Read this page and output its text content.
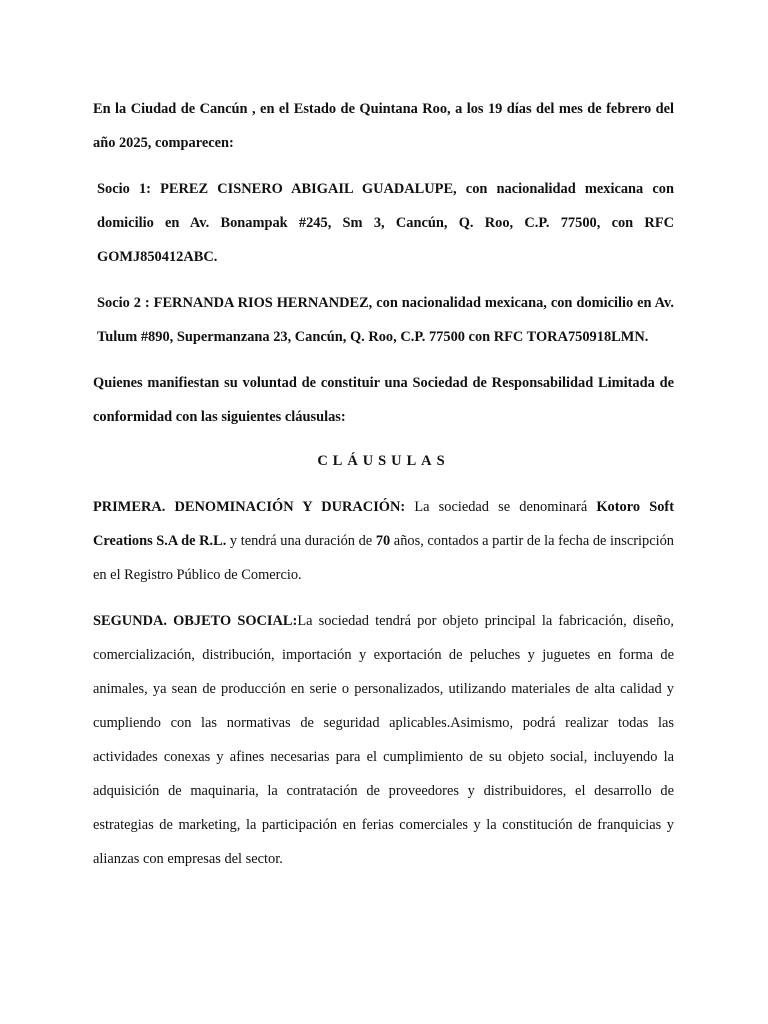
En la Ciudad de Cancún , en el Estado de Quintana Roo, a los 19 días del mes de febrero del año 2025, comparecen:

Socio 1: PEREZ CISNERO ABIGAIL GUADALUPE, con nacionalidad mexicana con domicilio en Av. Bonampak #245, Sm 3, Cancún, Q. Roo, C.P. 77500, con RFC GOMJ850412ABC.

Socio 2 : FERNANDA RIOS HERNANDEZ, con nacionalidad mexicana, con domicilio en Av. Tulum #890, Supermanzana 23, Cancún, Q. Roo, C.P. 77500 con RFC TORA750918LMN.

Quienes manifiestan su voluntad de constituir una Sociedad de Responsabilidad Limitada de conformidad con las siguientes cláusulas:

CLÁUSULAS

PRIMERA. DENOMINACIÓN Y DURACIÓN: La sociedad se denominará Kotoro Soft Creations S.A de R.L. y tendrá una duración de 70 años, contados a partir de la fecha de inscripción en el Registro Público de Comercio.

SEGUNDA. OBJETO SOCIAL:La sociedad tendrá por objeto principal la fabricación, diseño, comercialización, distribución, importación y exportación de peluches y juguetes en forma de animales, ya sean de producción en serie o personalizados, utilizando materiales de alta calidad y cumpliendo con las normativas de seguridad aplicables.Asimismo, podrá realizar todas las actividades conexas y afines necesarias para el cumplimiento de su objeto social, incluyendo la adquisición de maquinaria, la contratación de proveedores y distribuidores, el desarrollo de estrategias de marketing, la participación en ferias comerciales y la constitución de franquicias y alianzas con empresas del sector.
